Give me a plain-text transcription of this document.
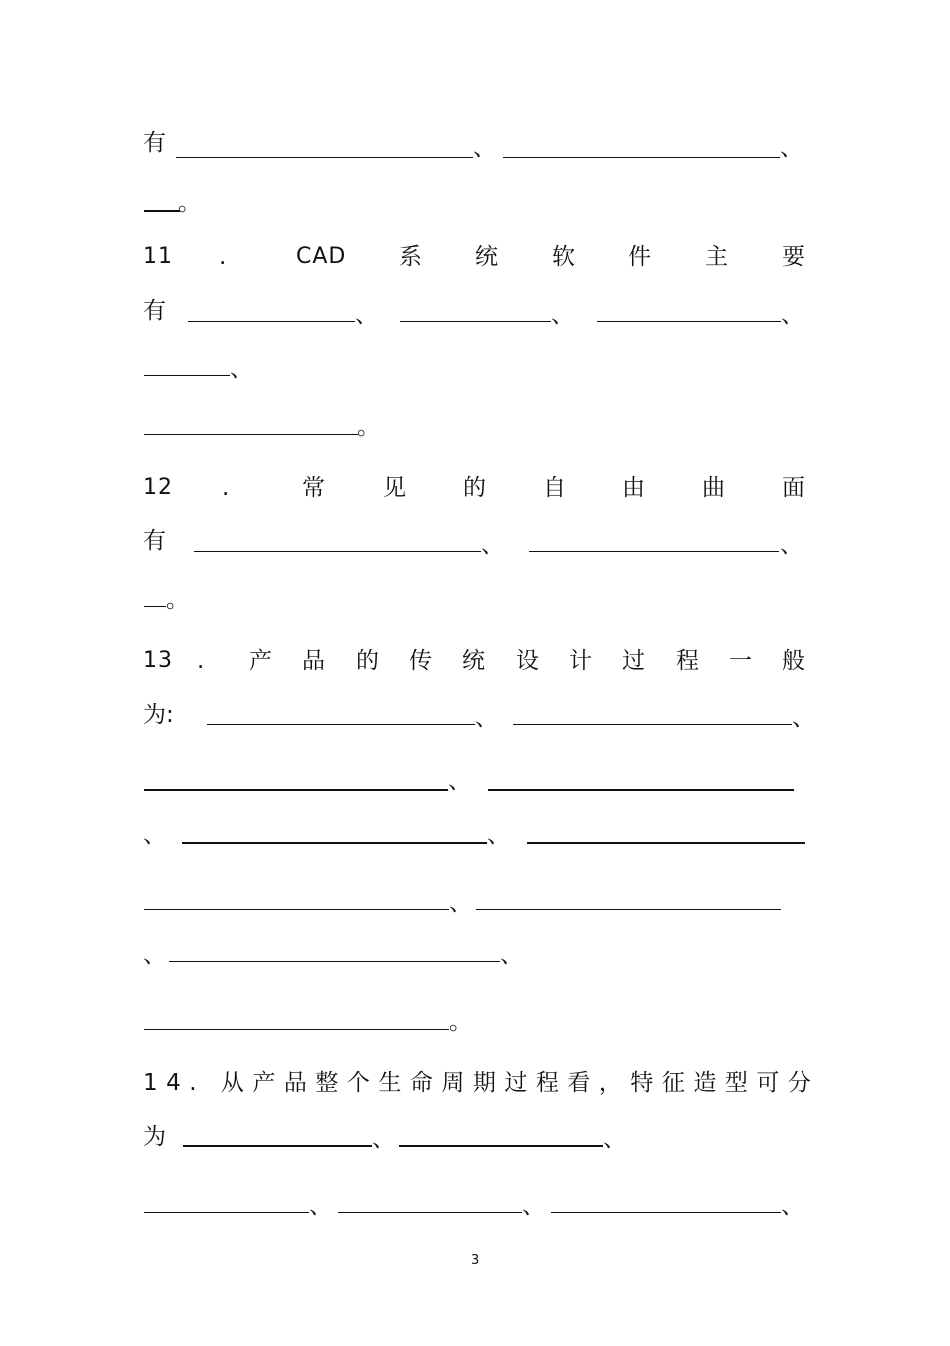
有	、	、
。
11 .	CAD 系 统 软 件 主 要
有	、	、	、
、
。
12 .	常	见 的 自 由 曲 面
有	、	、
。
13 . 产 品 的 传 统 设 计 过 程 一 般
为:	、	、
、
、	、
、
、	、
。
14. 从产品整个生命周期过程看，特征造型可分
为	、	、
、	、	、
3
